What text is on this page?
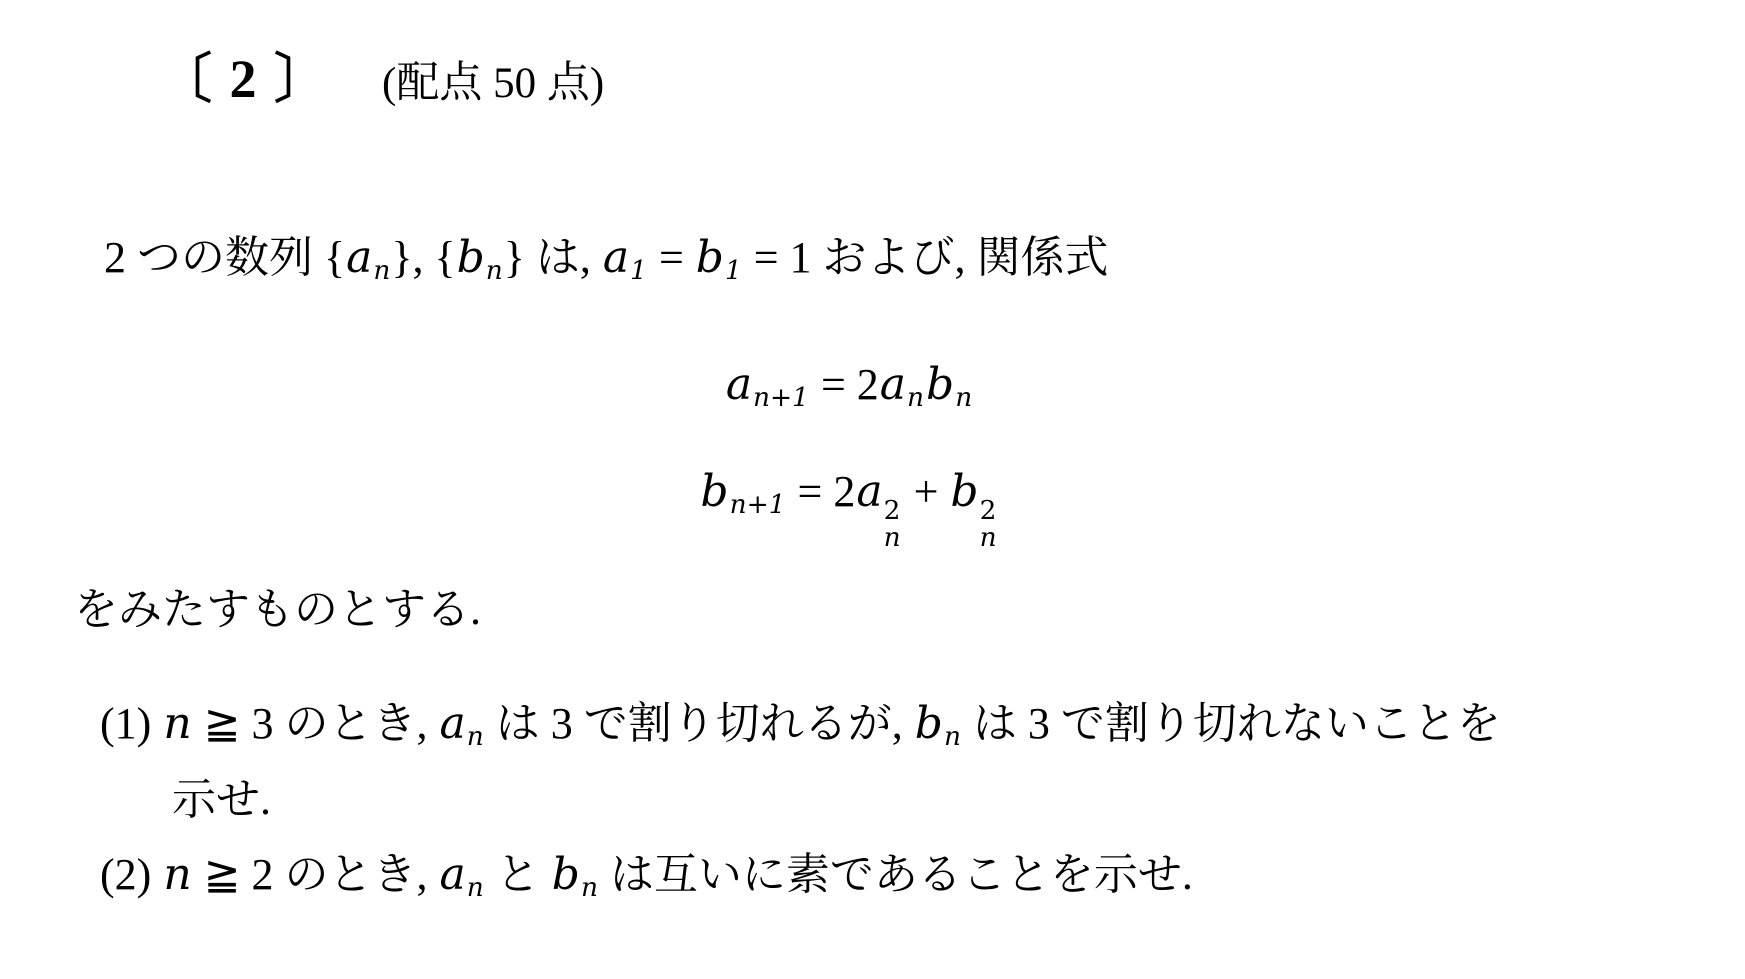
〔 2 〕 (配点 50 点)
2 つの数列 {an}, {bn} は, a1 = b1 = 1 および, 関係式
an+1 = 2anbn
bn+1 = 2a 2
n
+ b 2
n
をみたすものとする.
(1) n ≧ 3 のとき, an は 3 で割り切れるが, bn は 3 で割り切れないことを
示せ.
(2) n ≧ 2 のとき, an と bn は互いに素であることを示せ.
